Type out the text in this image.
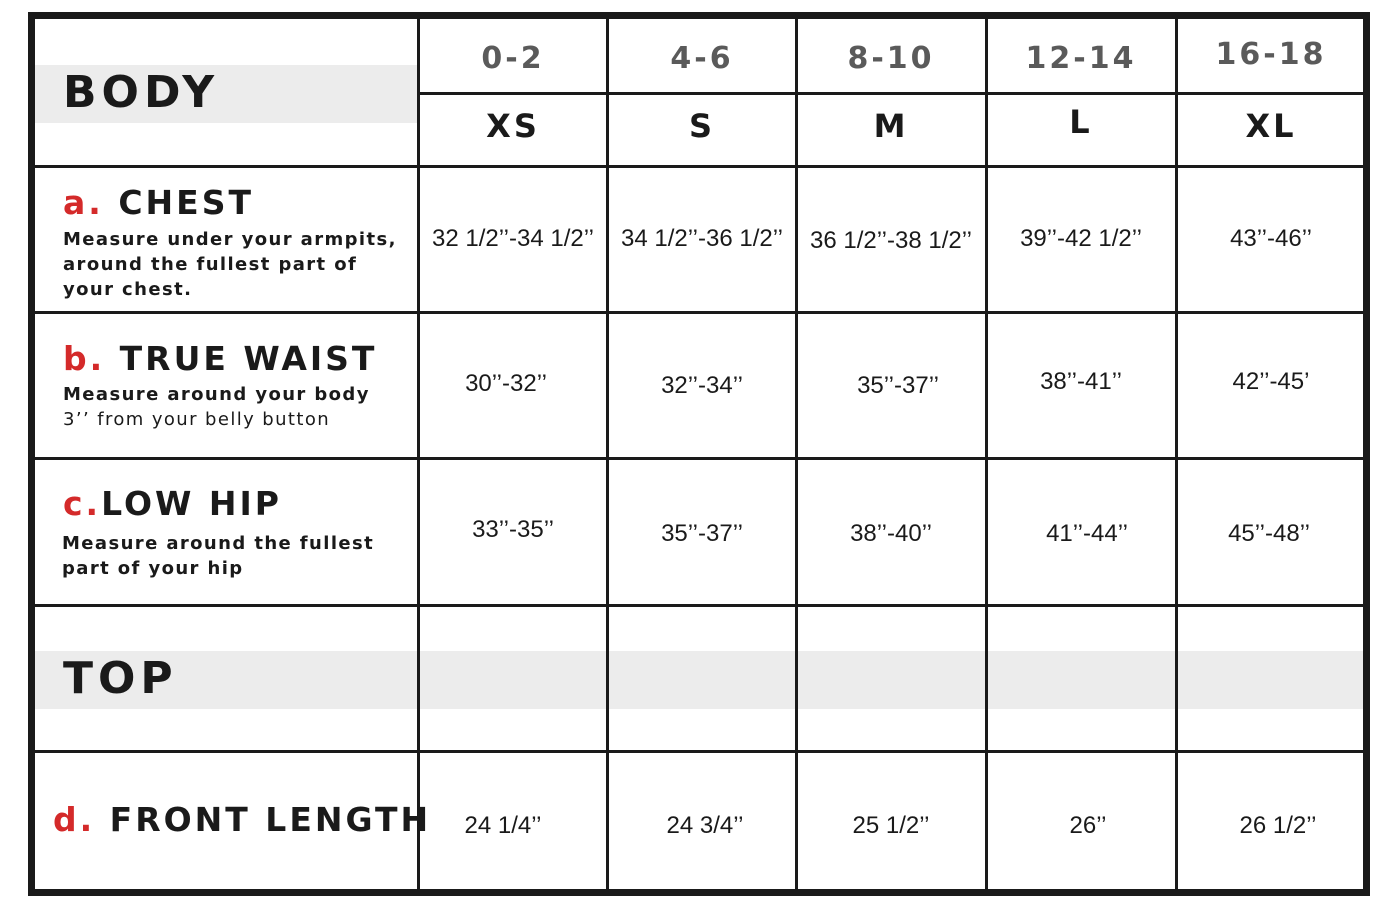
BODY
TOP
0-2	4-6	8-10	12-14	16-18
XS	S	M	L	XL
a. CHEST
Measure under your armpits,
around the fullest part of
your chest.
32 1/2’’-34 1/2’’	34 1/2’’-36 1/2’’	36 1/2’’-38 1/2’’	39’’-42 1/2’’	43’’-46’’
b. TRUE WAIST
Measure around your body
3’’ from your belly button
30’’-32’’	32’’-34’’	35’’-37’’	38’’-41’’	42’’-45’
c.LOW HIP
Measure around the fullest
part of your hip
33’’-35’’	35’’-37’’	38’’-40’’	41’’-44’’	45’’-48’’
d. FRONT LENGTH	24 1/4’’	24 3/4’’	25 1/2’’	26’’	26 1/2’’
